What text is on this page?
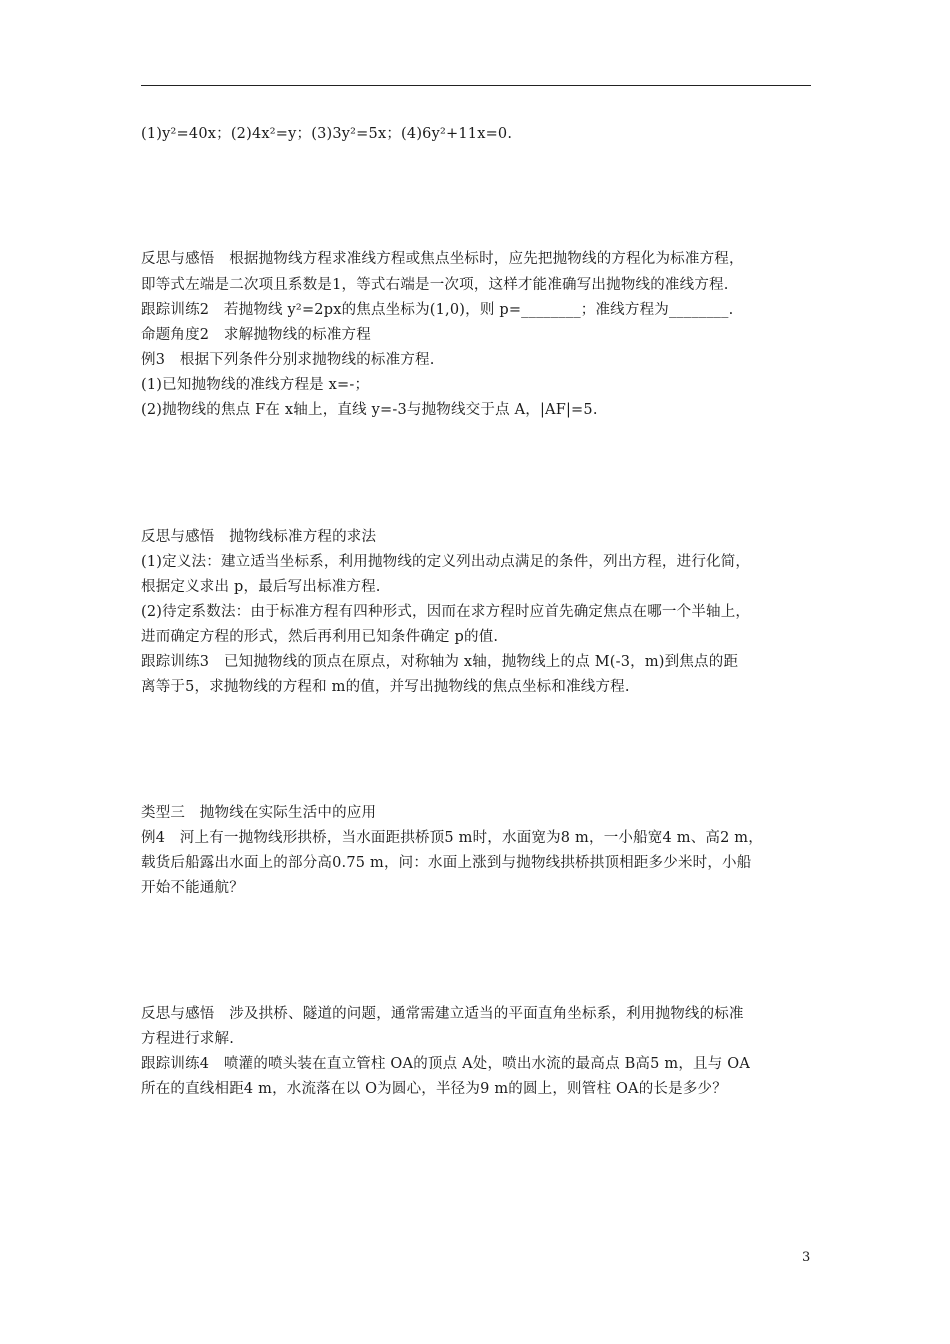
(1)y²=40x；(2)4x²=y；(3)3y²=5x；(4)6y²+11x=0.
反思与感悟　根据抛物线方程求准线方程或焦点坐标时，应先把抛物线的方程化为标准方程，
即等式左端是二次项且系数是1，等式右端是一次项，这样才能准确写出抛物线的准线方程.
跟踪训练2　若抛物线 y²=2px的焦点坐标为(1,0)，则 p=________；准线方程为________.
命题角度2　求解抛物线的标准方程
例3　根据下列条件分别求抛物线的标准方程.
(1)已知抛物线的准线方程是 x=-；
(2)抛物线的焦点 F在 x轴上，直线 y=-3与抛物线交于点 A，|AF|=5.
反思与感悟　抛物线标准方程的求法
(1)定义法：建立适当坐标系，利用抛物线的定义列出动点满足的条件，列出方程，进行化简，
根据定义求出 p，最后写出标准方程.
(2)待定系数法：由于标准方程有四种形式，因而在求方程时应首先确定焦点在哪一个半轴上，
进而确定方程的形式，然后再利用已知条件确定 p的值.
跟踪训练3　已知抛物线的顶点在原点，对称轴为 x轴，抛物线上的点 M(-3，m)到焦点的距
离等于5，求抛物线的方程和 m的值，并写出抛物线的焦点坐标和准线方程.
类型三　抛物线在实际生活中的应用
例4　河上有一抛物线形拱桥，当水面距拱桥顶5 m时，水面宽为8 m，一小船宽4 m、高2 m，
载货后船露出水面上的部分高0.75 m，问：水面上涨到与抛物线拱桥拱顶相距多少米时，小船
开始不能通航？
反思与感悟　涉及拱桥、隧道的问题，通常需建立适当的平面直角坐标系，利用抛物线的标准
方程进行求解.
跟踪训练4　喷灌的喷头装在直立管柱 OA的顶点 A处，喷出水流的最高点 B高5 m，且与 OA
所在的直线相距4 m，水流落在以 O为圆心，半径为9 m的圆上，则管柱 OA的长是多少？
3
